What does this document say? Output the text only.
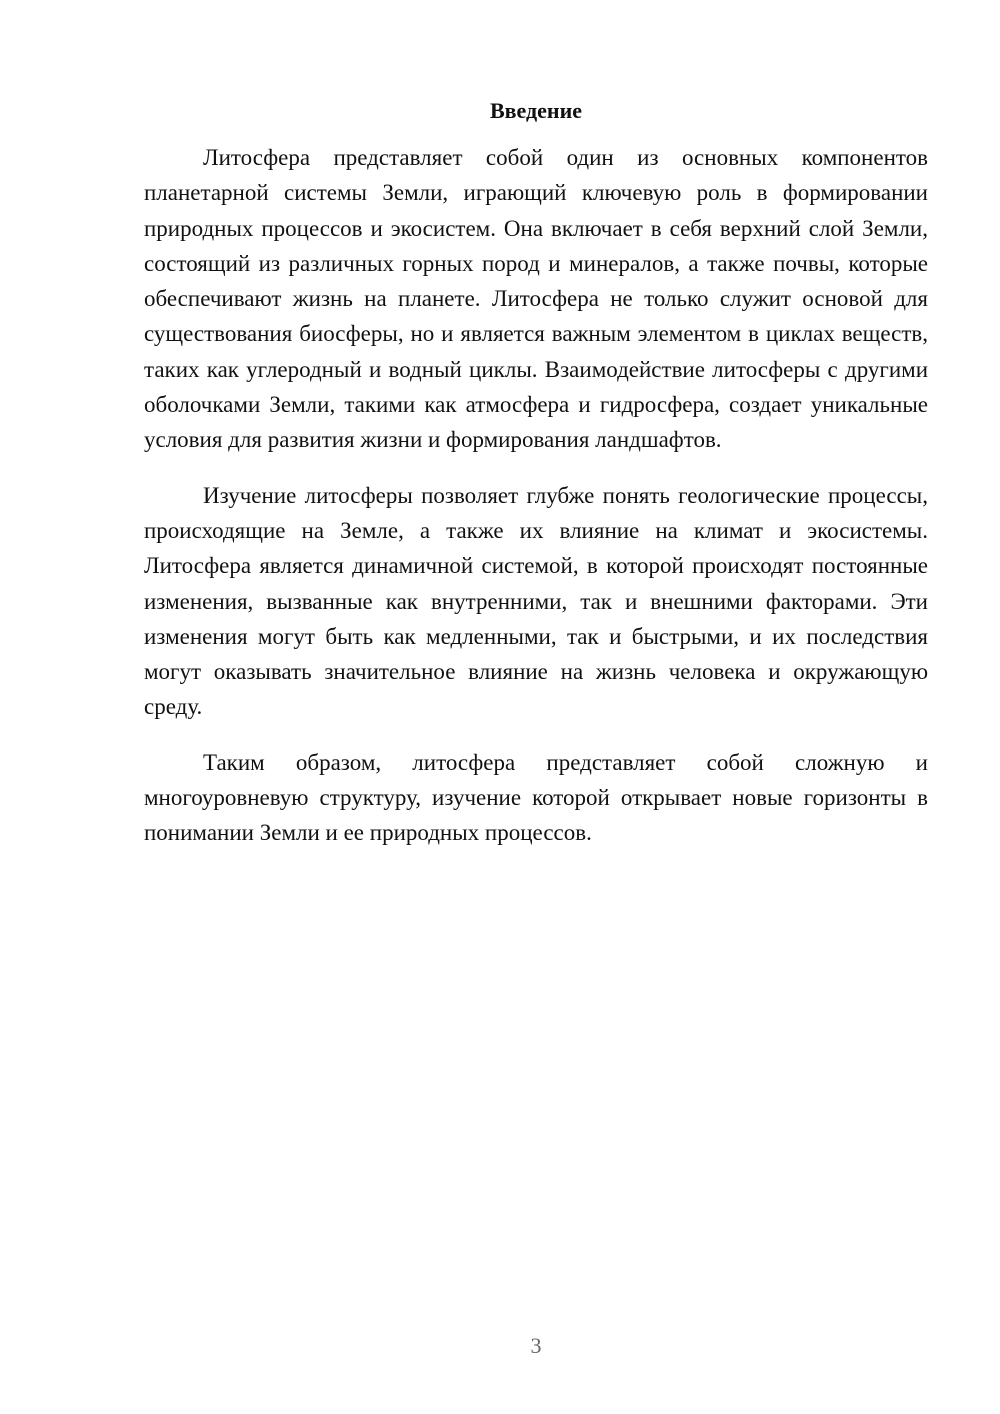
Введение

Литосфера представляет собой один из основных компонентов планетарной системы Земли, играющий ключевую роль в формировании природных процессов и экосистем. Она включает в себя верхний слой Земли, состоящий из различных горных пород и минералов, а также почвы, которые обеспечивают жизнь на планете. Литосфера не только служит основой для существования биосферы, но и является важным элементом в циклах веществ, таких как углеродный и водный циклы. Взаимодействие литосферы с другими оболочками Земли, такими как атмосфера и гидросфера, создает уникальные условия для развития жизни и формирования ландшафтов.

Изучение литосферы позволяет глубже понять геологические процессы, происходящие на Земле, а также их влияние на климат и экосистемы. Литосфера является динамичной системой, в которой происходят постоянные изменения, вызванные как внутренними, так и внешними факторами. Эти изменения могут быть как медленными, так и быстрыми, и их последствия могут оказывать значительное влияние на жизнь человека и окружающую среду.

Таким образом, литосфера представляет собой сложную и многоуровневую структуру, изучение которой открывает новые горизонты в понимании Земли и ее природных процессов.

3
